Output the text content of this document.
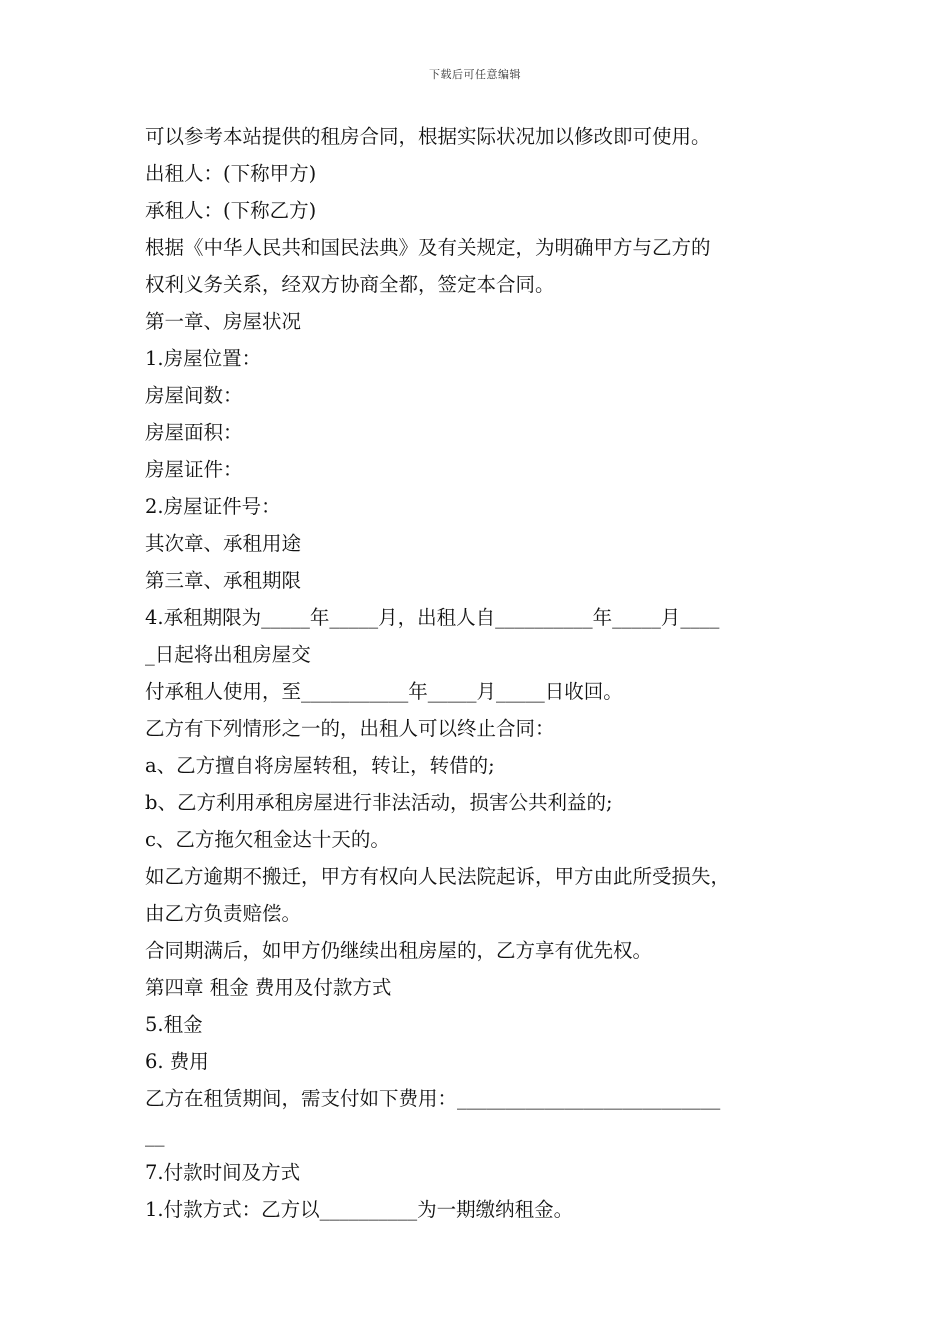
下载后可任意编辑
可以参考本站提供的租房合同，根据实际状况加以修改即可使用。
出租人：(下称甲方)
承租人：(下称乙方)
根据《中华人民共和国民法典》及有关规定，为明确甲方与乙方的
权利义务关系，经双方协商全都，签定本合同。
第一章、房屋状况
1.房屋位置：
房屋间数：
房屋面积：
房屋证件：
2.房屋证件号：
其次章、承租用途
第三章、承租期限
4.承租期限为_____年_____月，出租人自__________年_____月____
_日起将出租房屋交
付承租人使用，至___________年_____月_____日收回。
乙方有下列情形之一的，出租人可以终止合同：
a、乙方擅自将房屋转租，转让，转借的;
b、乙方利用承租房屋进行非法活动，损害公共利益的;
c、乙方拖欠租金达十天的。
如乙方逾期不搬迁，甲方有权向人民法院起诉，甲方由此所受损失，
由乙方负责赔偿。
合同期满后，如甲方仍继续出租房屋的，乙方享有优先权。
第四章 租金 费用及付款方式
5.租金
6. 费用
乙方在租赁期间，需支付如下费用：___________________________
__
7.付款时间及方式
1.付款方式：乙方以__________为一期缴纳租金。
